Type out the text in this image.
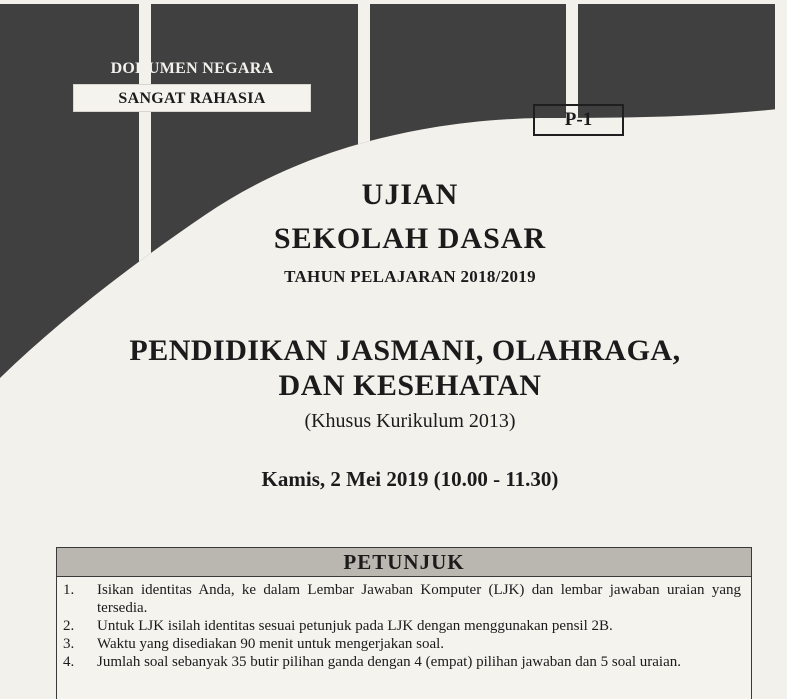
DOKUMEN NEGARA
SANGAT RAHASIA
P-1
UJIAN
SEKOLAH DASAR
TAHUN PELAJARAN 2018/2019
PENDIDIKAN JASMANI, OLAHRAGA,
DAN KESEHATAN
(Khusus Kurikulum 2013)
Kamis, 2 Mei 2019 (10.00 - 11.30)
PETUNJUK
1.	Isikan identitas Anda, ke dalam Lembar Jawaban Komputer (LJK) dan lembar jawaban uraian yang tersedia.
2.	Untuk LJK isilah identitas sesuai petunjuk pada LJK dengan menggunakan pensil 2B.
3.	Waktu yang disediakan 90 menit untuk mengerjakan soal.
4.	Jumlah soal sebanyak 35 butir pilihan ganda dengan 4 (empat) pilihan jawaban dan 5 soal uraian.
